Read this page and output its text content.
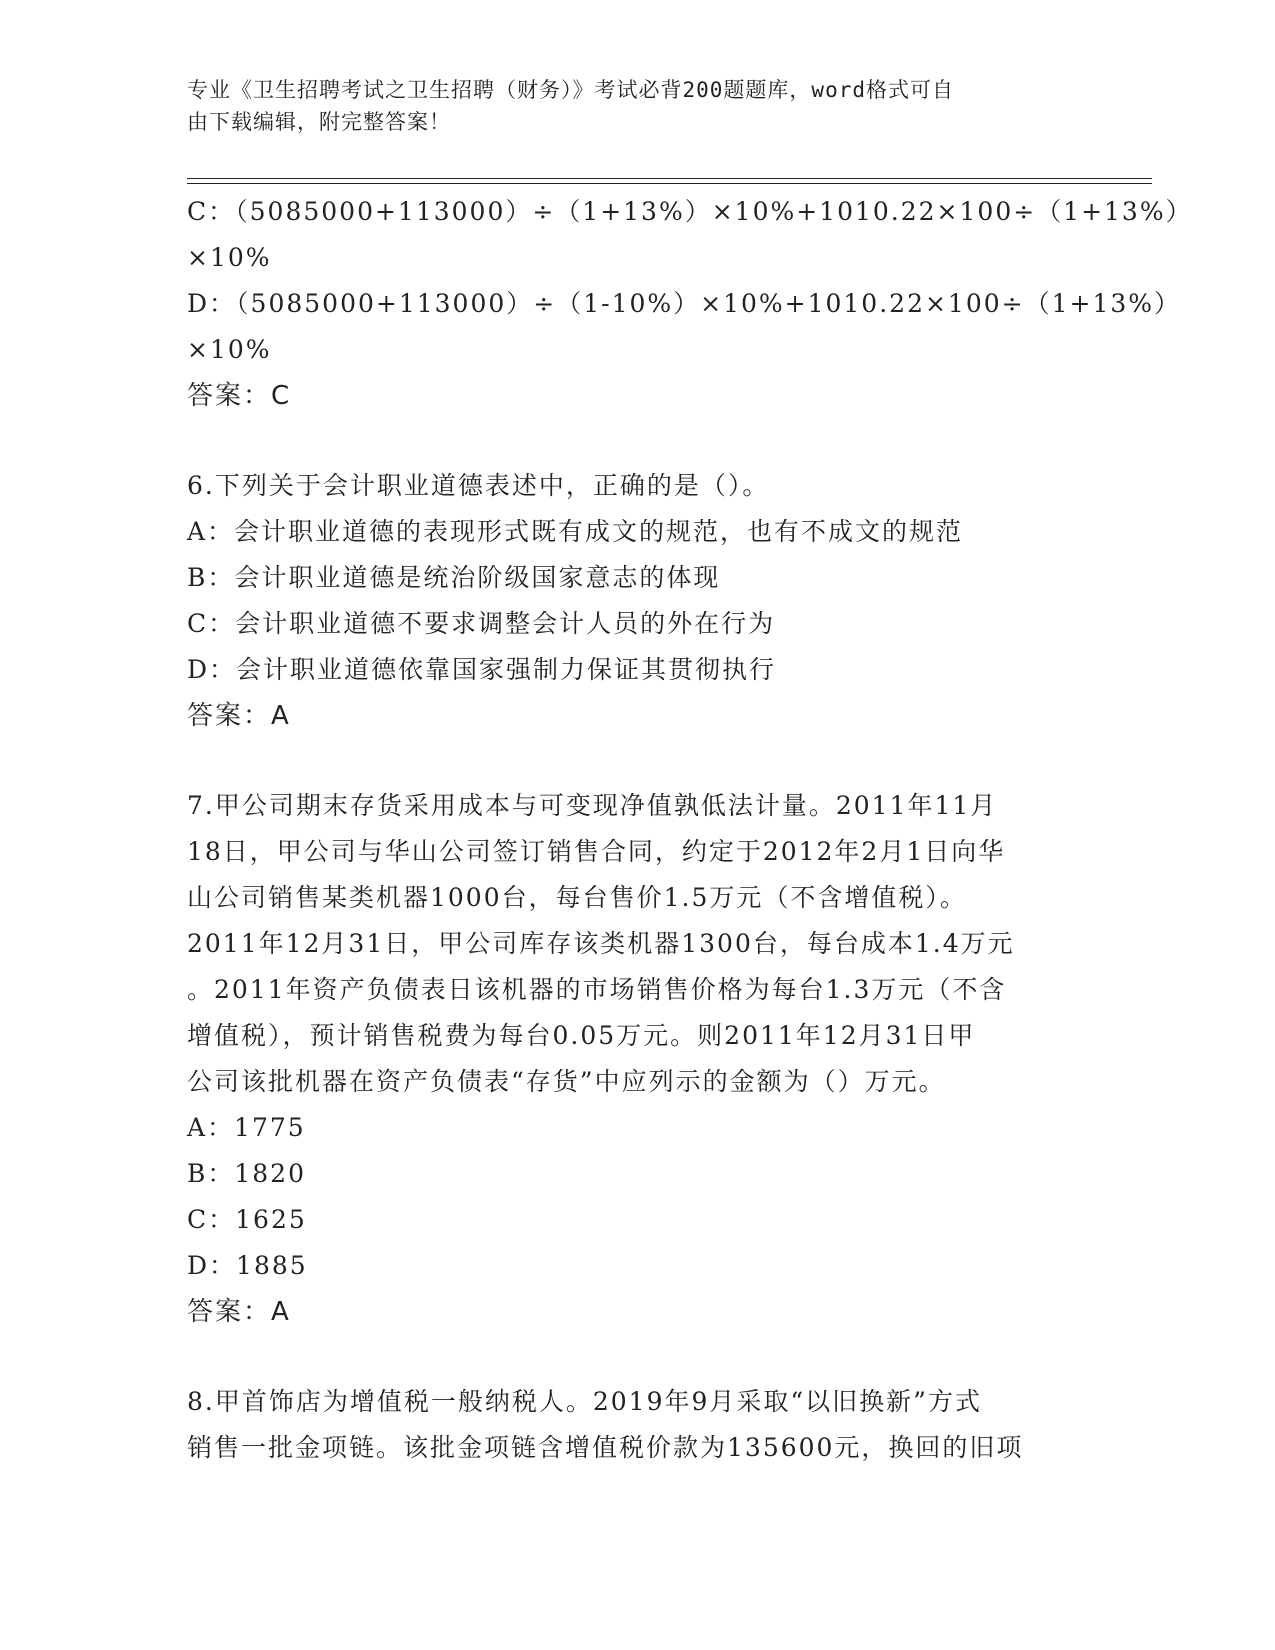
专业《卫生招聘考试之卫生招聘（财务）》考试必背200题题库，word格式可自
由下载编辑，附完整答案！
C：（5085000+113000）÷（1+13%）×10%+1010.22×100÷（1+13%）
×10%
D：（5085000+113000）÷（1-10%）×10%+1010.22×100÷（1+13%）
×10%
答案：C
6.下列关于会计职业道德表述中，正确的是（）。
A：会计职业道德的表现形式既有成文的规范，也有不成文的规范
B：会计职业道德是统治阶级国家意志的体现
C：会计职业道德不要求调整会计人员的外在行为
D：会计职业道德依靠国家强制力保证其贯彻执行
答案：A
7.甲公司期末存货采用成本与可变现净值孰低法计量。2011年11月
18日，甲公司与华山公司签订销售合同，约定于2012年2月1日向华
山公司销售某类机器1000台，每台售价1.5万元（不含增值税）。
2011年12月31日，甲公司库存该类机器1300台，每台成本1.4万元
。2011年资产负债表日该机器的市场销售价格为每台1.3万元（不含
增值税），预计销售税费为每台0.05万元。则2011年12月31日甲
公司该批机器在资产负债表“存货”中应列示的金额为（）万元。
A：1775
B：1820
C：1625
D：1885
答案：A
8.甲首饰店为增值税一般纳税人。2019年9月采取“以旧换新”方式
销售一批金项链。该批金项链含增值税价款为135600元，换回的旧项
